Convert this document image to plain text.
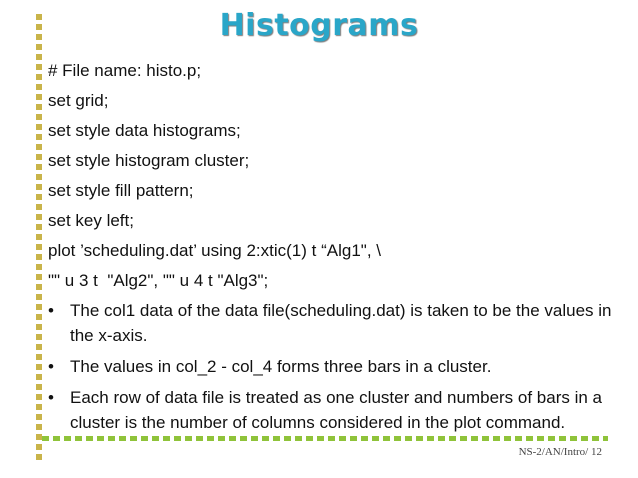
Histograms
# File name: histo.p;
set grid;
set style data histograms;
set style histogram cluster;
set style fill pattern;
set key left;
plot ’scheduling.dat’ using 2:xtic(1) t “Alg1", \
"" u 3 t  "Alg2", "" u 4 t "Alg3";
• The col1 data of the data file(scheduling.dat) is taken to be the values in the x-axis.
• The values in col_2 - col_4 forms three bars in a cluster.
• Each row of data file is treated as one cluster and numbers of bars in a cluster is the number of columns considered in the plot command.
NS-2/AN/Intro/ 12
